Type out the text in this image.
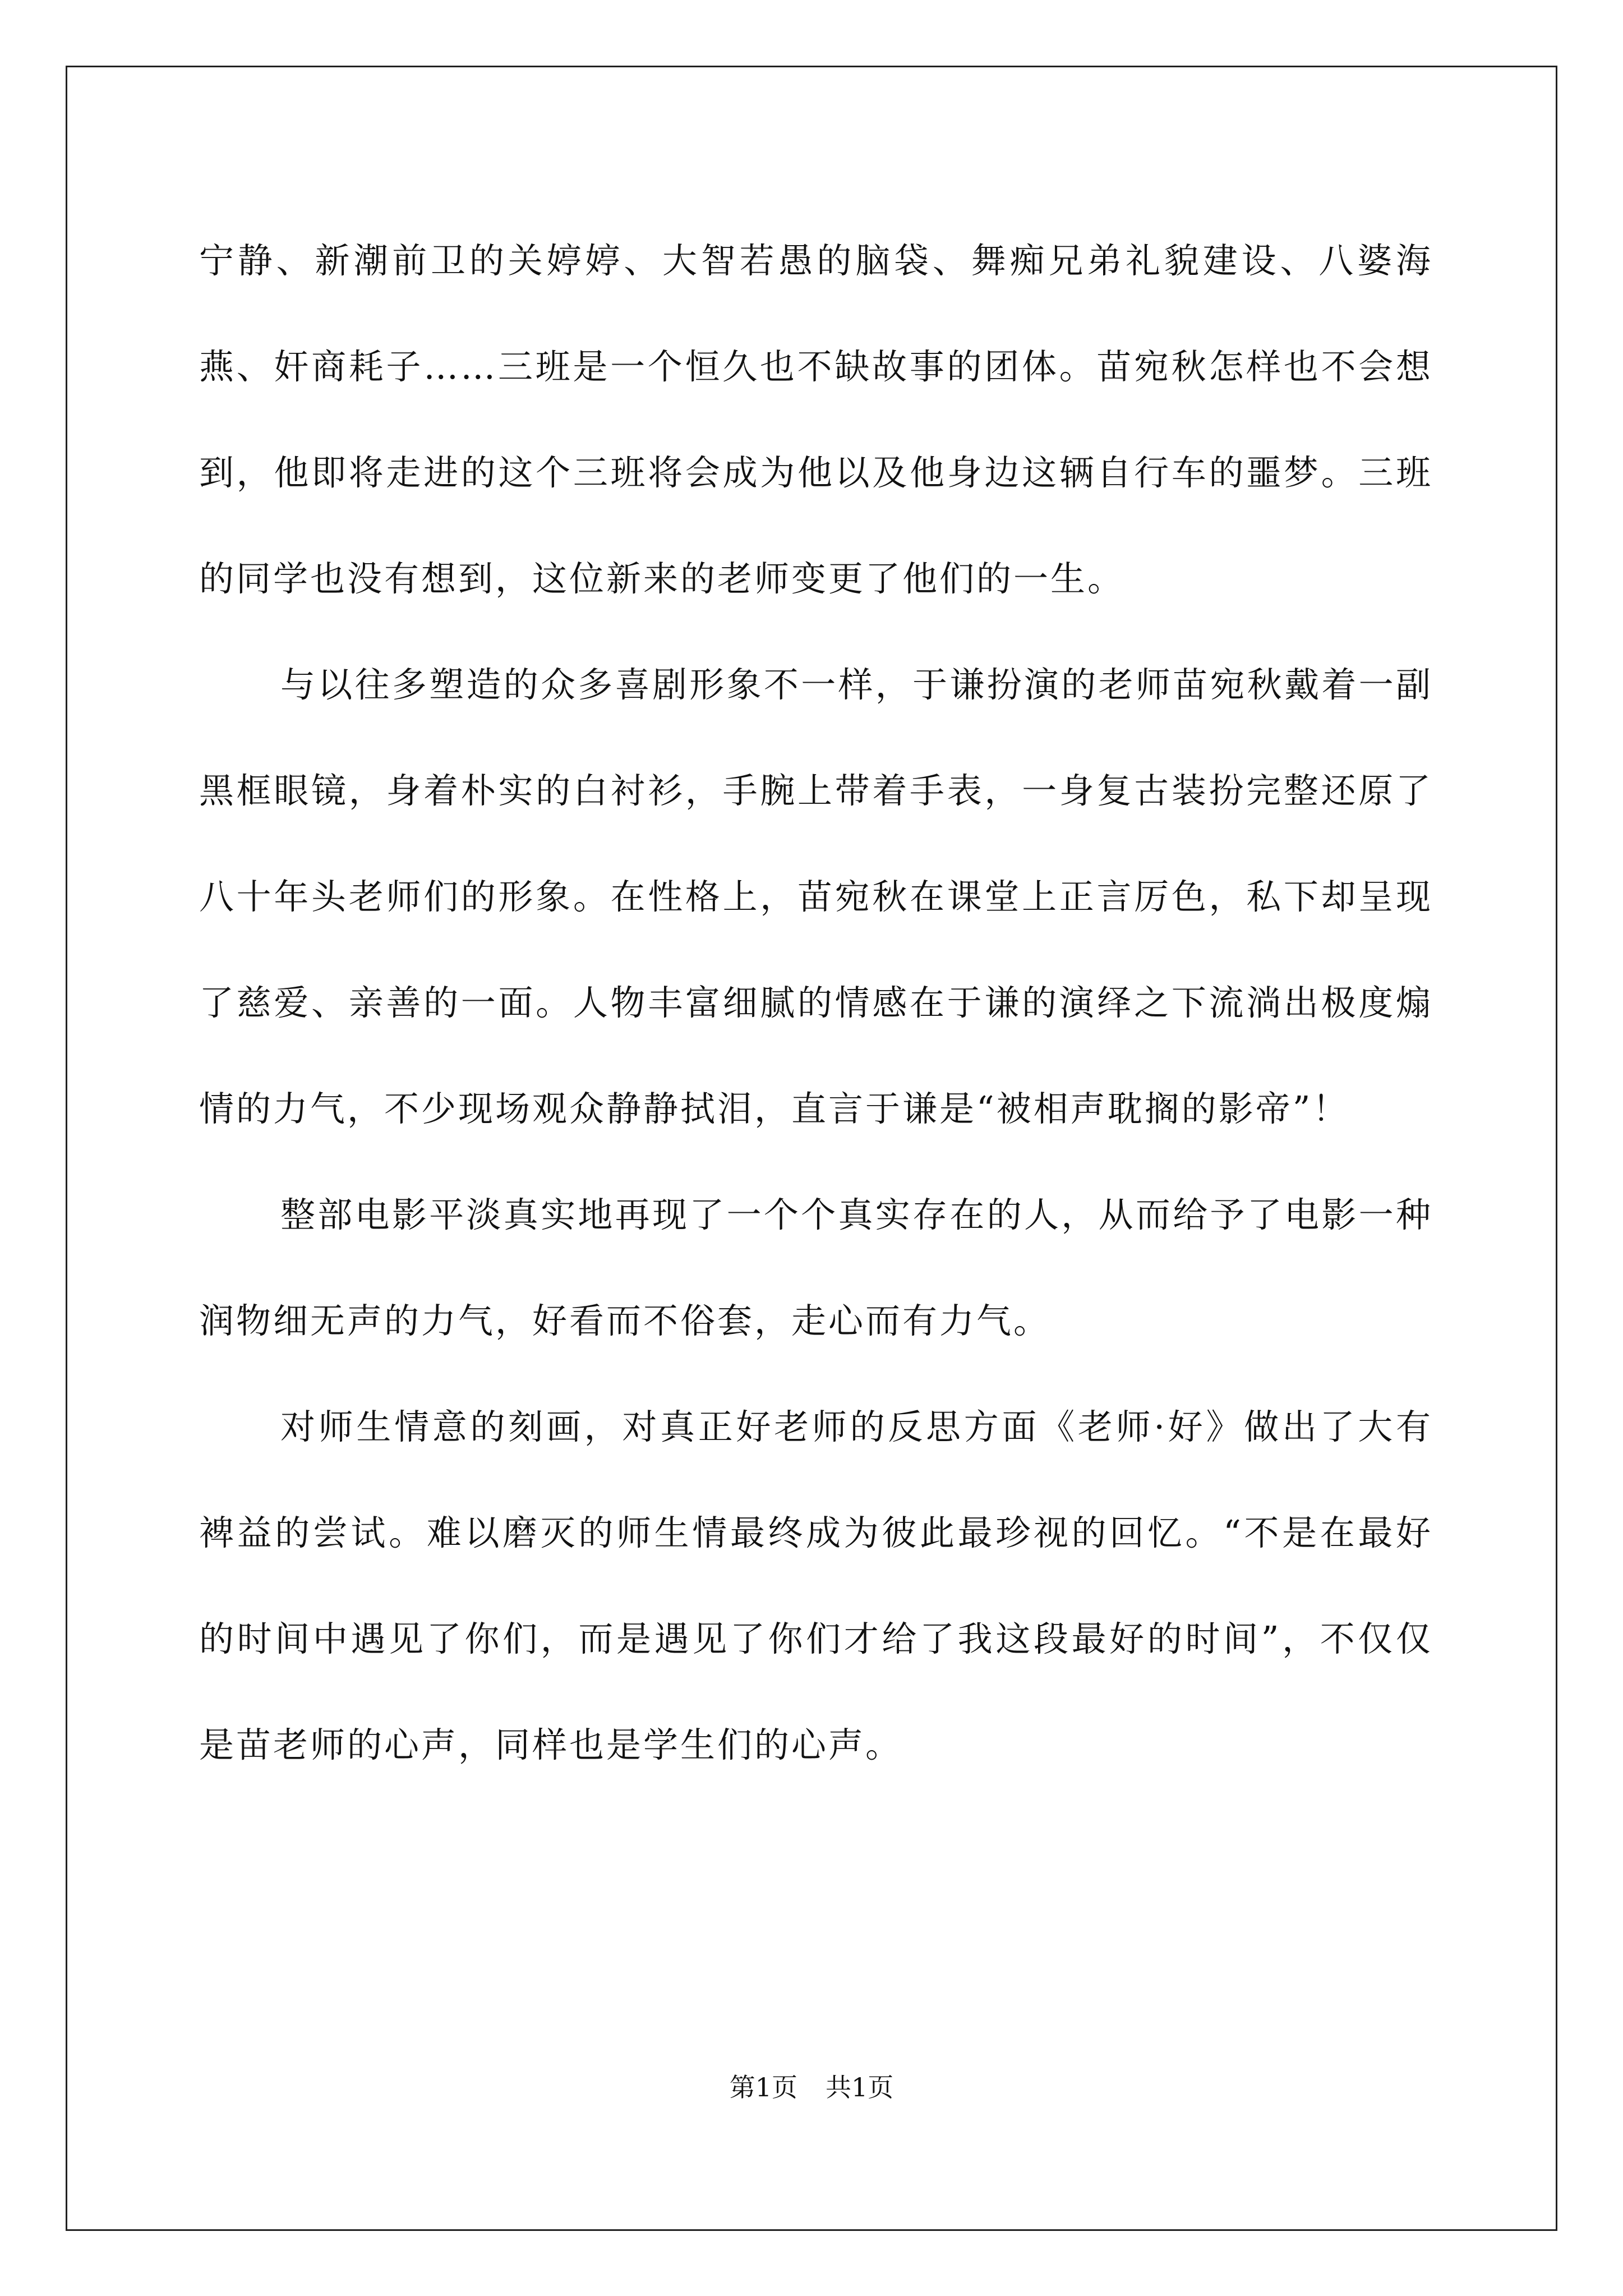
宁静、新潮前卫的关婷婷、大智若愚的脑袋、舞痴兄弟礼貌建设、八婆海燕、奸商耗子……三班是一个恒久也不缺故事的团体。苗宛秋怎样也不会想到，他即将走进的这个三班将会成为他以及他身边这辆自行车的噩梦。三班的同学也没有想到，这位新来的老师变更了他们的一生。

与以往多塑造的众多喜剧形象不一样，于谦扮演的老师苗宛秋戴着一副黑框眼镜，身着朴实的白衬衫，手腕上带着手表，一身复古装扮完整还原了八十年头老师们的形象。在性格上，苗宛秋在课堂上正言厉色，私下却呈现了慈爱、亲善的一面。人物丰富细腻的情感在于谦的演绎之下流淌出极度煽情的力气，不少现场观众静静拭泪，直言于谦是“被相声耽搁的影帝”！

整部电影平淡真实地再现了一个个真实存在的人，从而给予了电影一种润物细无声的力气，好看而不俗套，走心而有力气。

对师生情意的刻画，对真正好老师的反思方面《老师·好》做出了大有裨益的尝试。难以磨灭的师生情最终成为彼此最珍视的回忆。“不是在最好的时间中遇见了你们，而是遇见了你们才给了我这段最好的时间”，不仅仅是苗老师的心声，同样也是学生们的心声。

第1页 共1页
